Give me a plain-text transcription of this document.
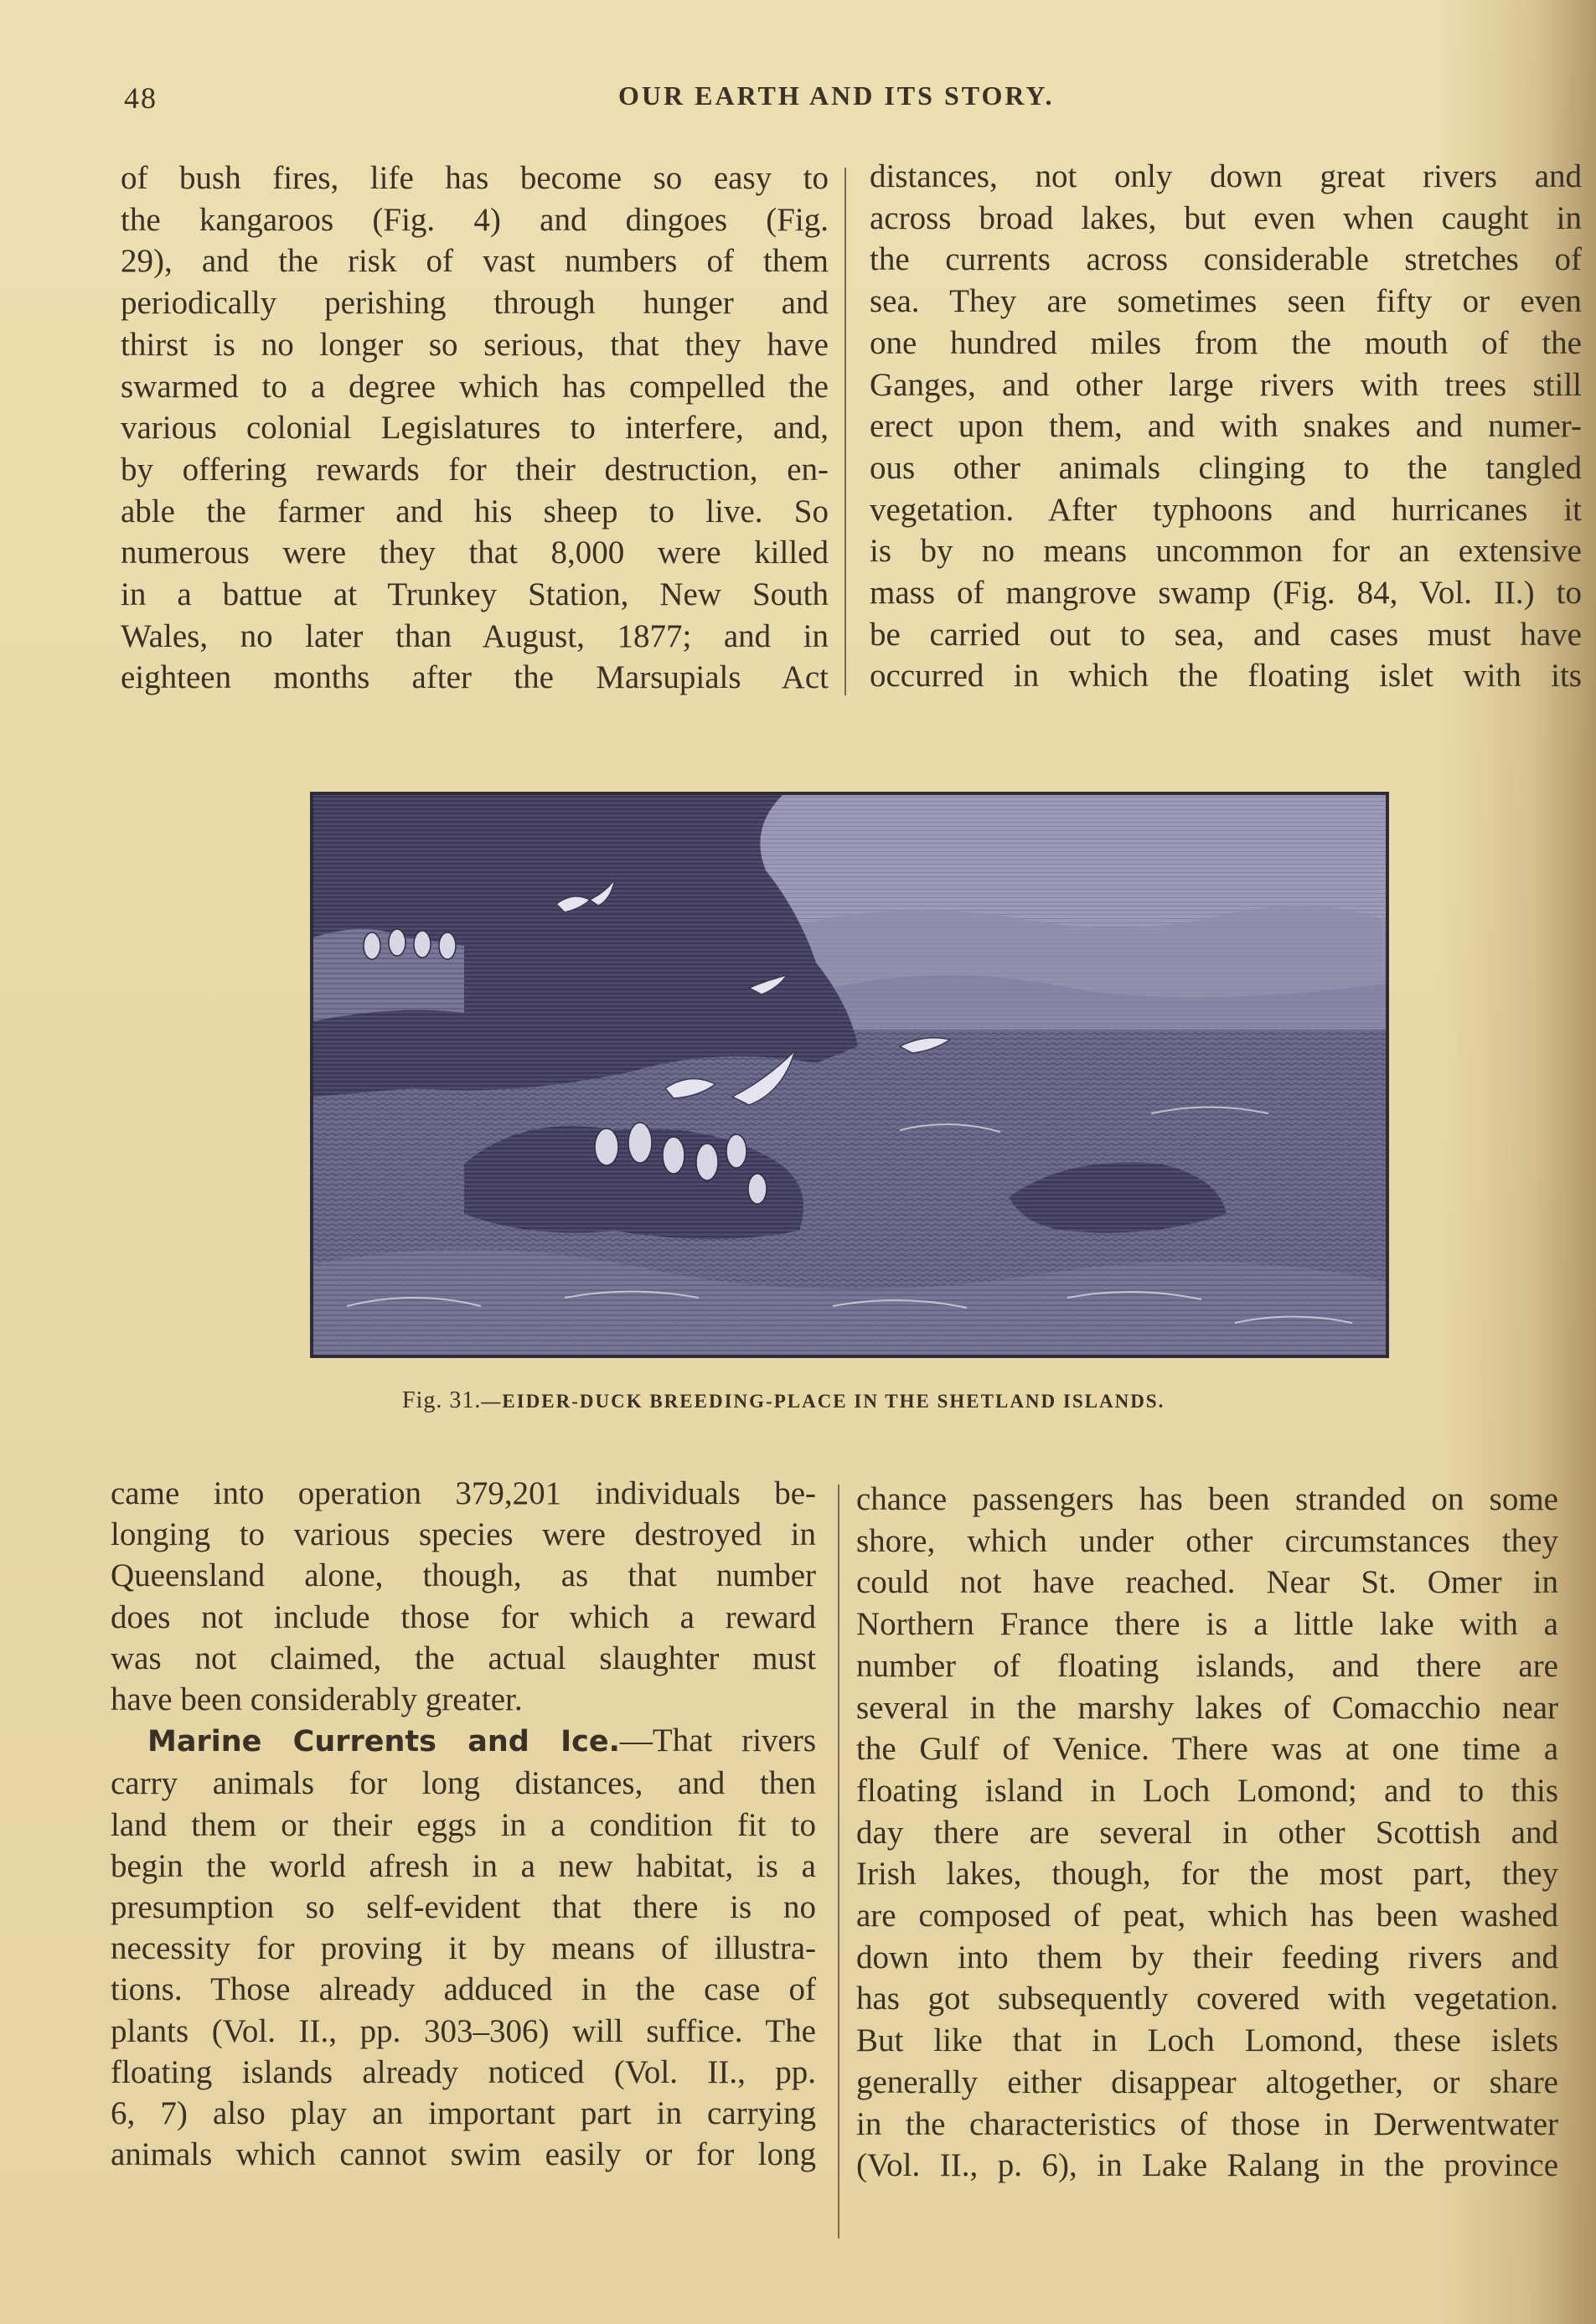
48	OUR EARTH AND ITS STORY.
of bush fires, life has become so easy to
the kangaroos (Fig. 4) and dingoes (Fig.
29), and the risk of vast numbers of them
periodically perishing through hunger and
thirst is no longer so serious, that they have
swarmed to a degree which has compelled the
various colonial Legislatures to interfere, and,
by offering rewards for their destruction, en-
able the farmer and his sheep to live. So
numerous were they that 8,000 were killed
in a battue at Trunkey Station, New South
Wales, no later than August, 1877; and in
eighteen months after the Marsupials Act
distances, not only down great rivers and
across broad lakes, but even when caught in
the currents across considerable stretches of
sea. They are sometimes seen fifty or even
one hundred miles from the mouth of the
Ganges, and other large rivers with trees still
erect upon them, and with snakes and numer-
ous other animals clinging to the tangled
vegetation. After typhoons and hurricanes it
is by no means uncommon for an extensive
mass of mangrove swamp (Fig. 84, Vol. II.) to
be carried out to sea, and cases must have
occurred in which the floating islet with its
Fig. 31.—EIDER-DUCK BREEDING-PLACE IN THE SHETLAND ISLANDS.
came into operation 379,201 individuals be-
longing to various species were destroyed in
Queensland alone, though, as that number
does not include those for which a reward
was not claimed, the actual slaughter must
have been considerably greater.
Marine Currents and Ice.—That rivers
carry animals for long distances, and then
land them or their eggs in a condition fit to
begin the world afresh in a new habitat, is a
presumption so self-evident that there is no
necessity for proving it by means of illustra-
tions. Those already adduced in the case of
plants (Vol. II., pp. 303–306) will suffice. The
floating islands already noticed (Vol. II., pp.
6, 7) also play an important part in carrying
animals which cannot swim easily or for long
chance passengers has been stranded on some
shore, which under other circumstances they
could not have reached. Near St. Omer in
Northern France there is a little lake with a
number of floating islands, and there are
several in the marshy lakes of Comacchio near
the Gulf of Venice. There was at one time a
floating island in Loch Lomond; and to this
day there are several in other Scottish and
Irish lakes, though, for the most part, they
are composed of peat, which has been washed
down into them by their feeding rivers and
has got subsequently covered with vegetation.
But like that in Loch Lomond, these islets
generally either disappear altogether, or share
in the characteristics of those in Derwentwater
(Vol. II., p. 6), in Lake Ralang in the province
